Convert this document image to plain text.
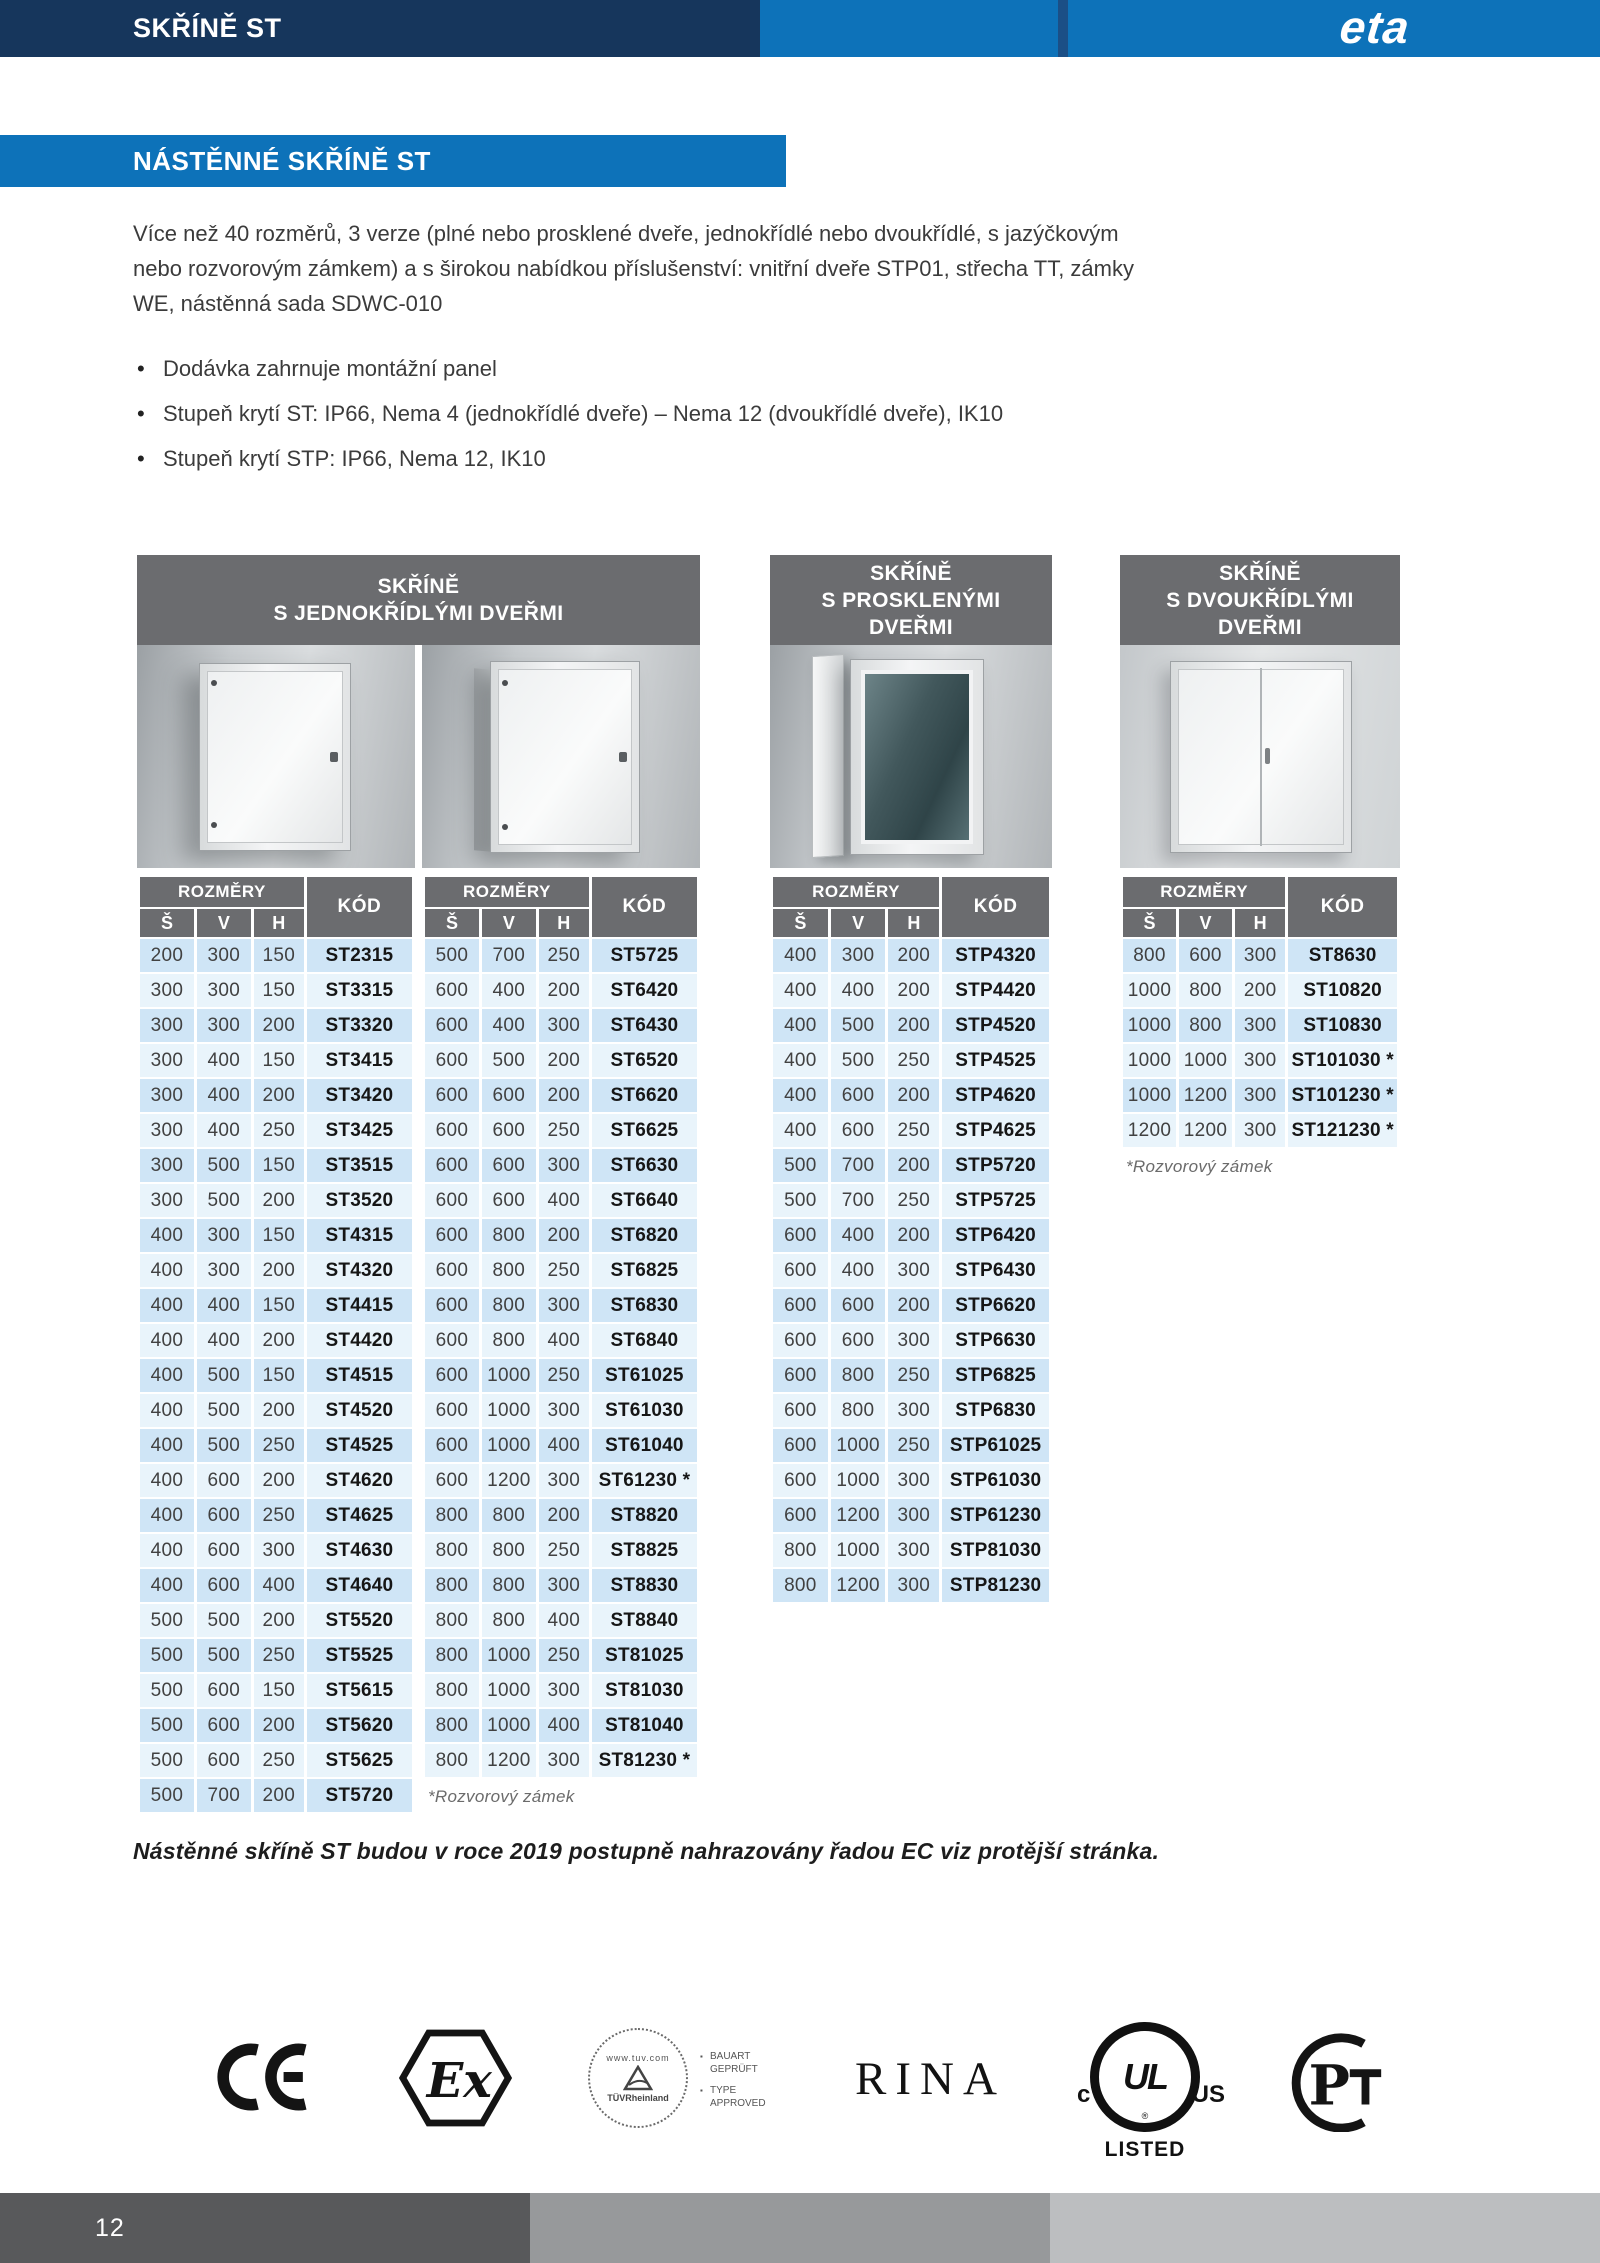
SKŘÍNĚ ST	eta
NÁSTĚNNÉ SKŘÍNĚ ST
Více než 40 rozměrů, 3 verze (plné nebo prosklené dveře, jednokřídlé nebo dvoukřídlé, s jazýčkovým
nebo rozvorovým zámkem) a s širokou nabídkou příslušenství: vnitřní dveře STP01, střecha TT, zámky
WE, nástěnná sada SDWC-010
• Dodávka zahrnuje montážní panel
• Stupeň krytí ST: IP66, Nema 4 (jednokřídlé dveře) – Nema 12 (dvoukřídlé dveře), IK10
• Stupeň krytí STP: IP66, Nema 12, IK10
SKŘÍNĚ
S JEDNOKŘÍDLÝMI DVEŘMI
ROZMĚRY			KÓD
Š	V	H	
200	300	150	ST2315
300	300	150	ST3315
300	300	200	ST3320
300	400	150	ST3415
300	400	200	ST3420
300	400	250	ST3425
300	500	150	ST3515
300	500	200	ST3520
400	300	150	ST4315
400	300	200	ST4320
400	400	150	ST4415
400	400	200	ST4420
400	500	150	ST4515
400	500	200	ST4520
400	500	250	ST4525
400	600	200	ST4620
400	600	250	ST4625
400	600	300	ST4630
400	600	400	ST4640
500	500	200	ST5520
500	500	250	ST5525
500	600	150	ST5615
500	600	200	ST5620
500	600	250	ST5625
500	700	200	ST5720
ROZMĚRY			KÓD
Š	V	H	
500	700	250	ST5725
600	400	200	ST6420
600	400	300	ST6430
600	500	200	ST6520
600	600	200	ST6620
600	600	250	ST6625
600	600	300	ST6630
600	600	400	ST6640
600	800	200	ST6820
600	800	250	ST6825
600	800	300	ST6830
600	800	400	ST6840
600	1000	250	ST61025
600	1000	300	ST61030
600	1000	400	ST61040
600	1200	300	ST61230 *
800	800	200	ST8820
800	800	250	ST8825
800	800	300	ST8830
800	800	400	ST8840
800	1000	250	ST81025
800	1000	300	ST81030
800	1000	400	ST81040
800	1200	300	ST81230 *
*Rozvorový zámek
SKŘÍNĚ
S PROSKLENÝMI
DVEŘMI
ROZMĚRY			KÓD
Š	V	H	
400	300	200	STP4320
400	400	200	STP4420
400	500	200	STP4520
400	500	250	STP4525
400	600	200	STP4620
400	600	250	STP4625
500	700	200	STP5720
500	700	250	STP5725
600	400	200	STP6420
600	400	300	STP6430
600	600	200	STP6620
600	600	300	STP6630
600	800	250	STP6825
600	800	300	STP6830
600	1000	250	STP61025
600	1000	300	STP61030
600	1200	300	STP61230
800	1000	300	STP81030
800	1200	300	STP81230
SKŘÍNĚ
S DVOUKŘÍDLÝMI
DVEŘMI
ROZMĚRY			KÓD
Š	V	H	
800	600	300	ST8630
1000	800	200	ST10820
1000	800	300	ST10830
1000	1000	300	ST101030 *
1000	1200	300	ST101230 *
1200	1200	300	ST121230 *
*Rozvorový zámek
Nástěnné skříně ST budou v roce 2019 postupně nahrazovány řadou EC viz protější stránka.
Ex	www.tuv.com
TÜVRheinland
▪ BAUART
GEPRÜFT
▪ TYPE
APPROVED RINA	UL
®
c	US
LISTED
P
12
